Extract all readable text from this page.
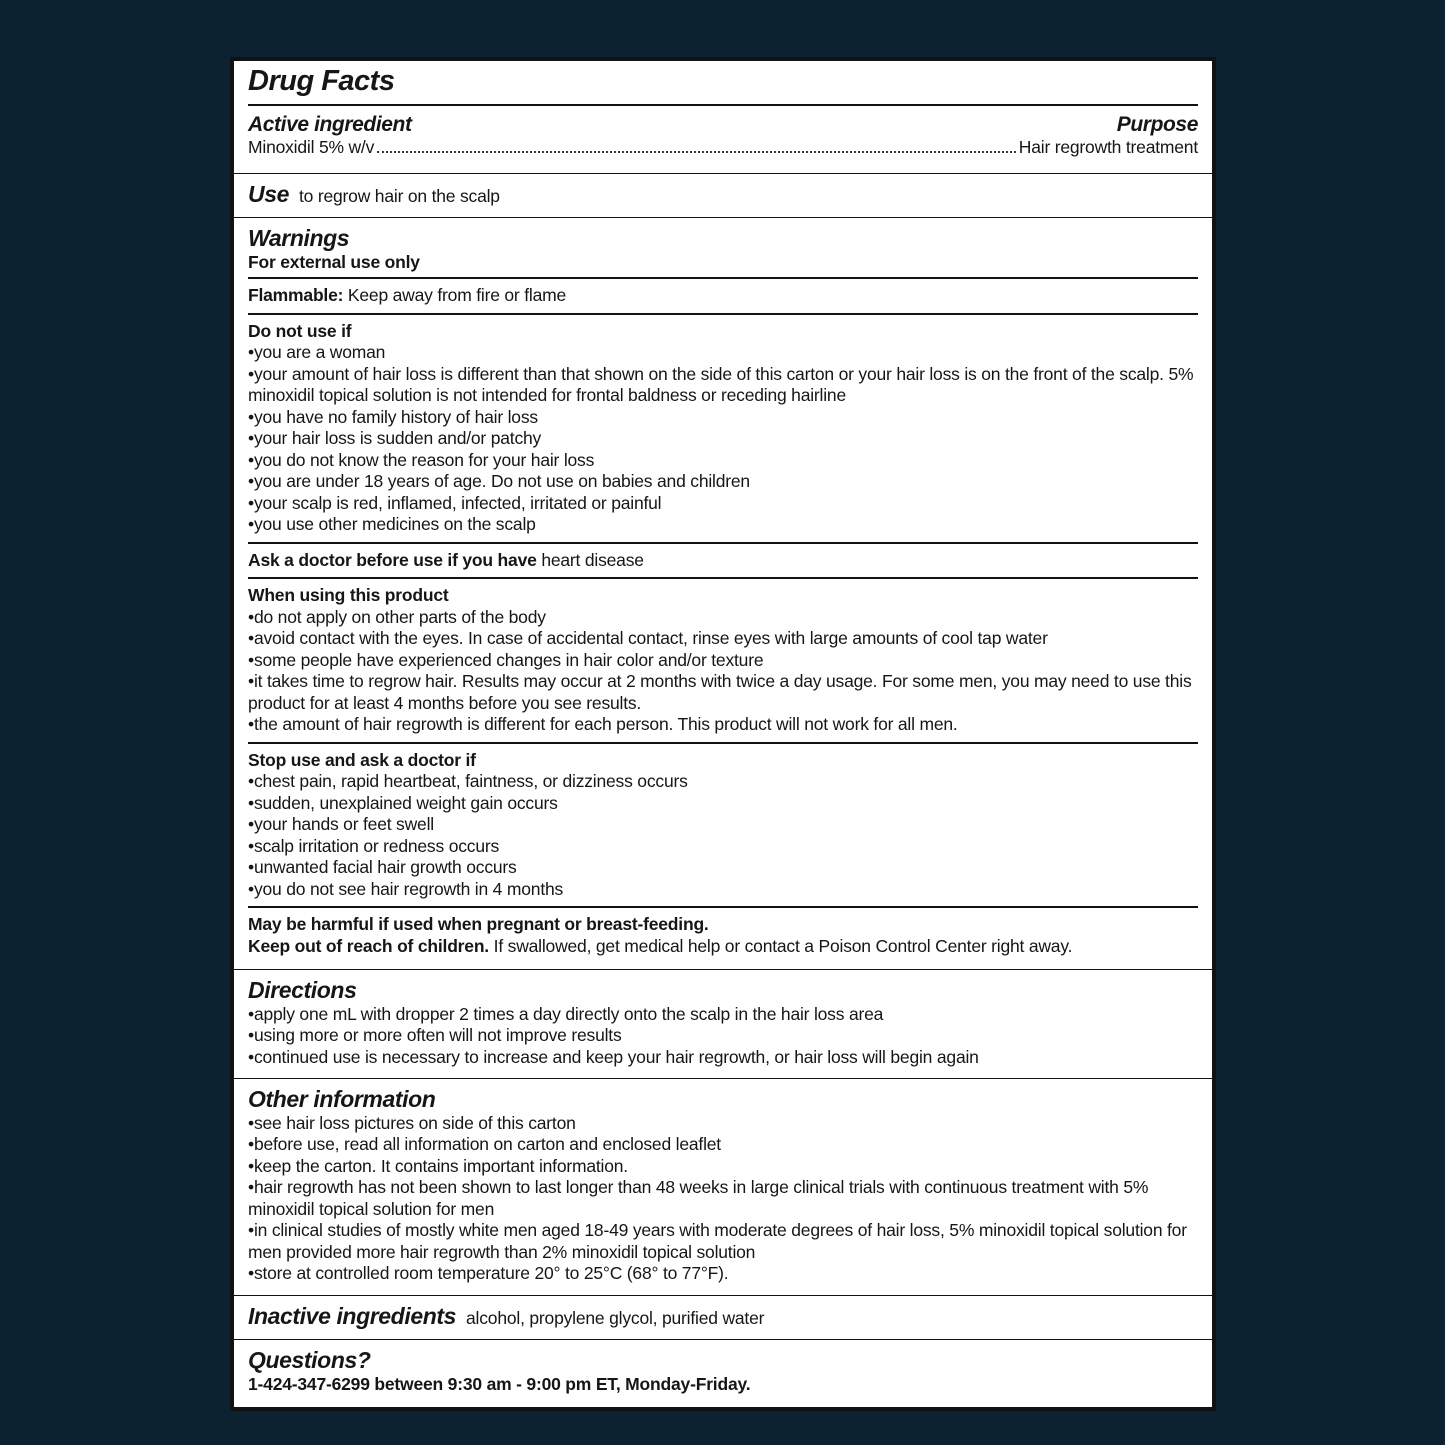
Drug Facts
Active ingredient	Purpose
Minoxidil 5% w/v	Hair regrowth treatment
Use to regrow hair on the scalp
Warnings
For external use only
Flammable: Keep away from fire or flame
Do not use if
• you are a woman
• your amount of hair loss is different than that shown on the side of this carton or your hair loss is on the front of the scalp. 5% minoxidil topical solution is not intended for frontal baldness or receding hairline
• you have no family history of hair loss
• your hair loss is sudden and/or patchy
• you do not know the reason for your hair loss
• you are under 18 years of age. Do not use on babies and children
• your scalp is red, inflamed, infected, irritated or painful
• you use other medicines on the scalp
Ask a doctor before use if you have heart disease
When using this product
• do not apply on other parts of the body
• avoid contact with the eyes. In case of accidental contact, rinse eyes with large amounts of cool tap water
• some people have experienced changes in hair color and/or texture
• it takes time to regrow hair. Results may occur at 2 months with twice a day usage. For some men, you may need to use this product for at least 4 months before you see results.
• the amount of hair regrowth is different for each person. This product will not work for all men.
Stop use and ask a doctor if
• chest pain, rapid heartbeat, faintness, or dizziness occurs
• sudden, unexplained weight gain occurs
• your hands or feet swell
• scalp irritation or redness occurs
• unwanted facial hair growth occurs
• you do not see hair regrowth in 4 months
May be harmful if used when pregnant or breast-feeding.
Keep out of reach of children. If swallowed, get medical help or contact a Poison Control Center right away.
Directions
• apply one mL with dropper 2 times a day directly onto the scalp in the hair loss area
• using more or more often will not improve results
• continued use is necessary to increase and keep your hair regrowth, or hair loss will begin again
Other information
• see hair loss pictures on side of this carton
• before use, read all information on carton and enclosed leaflet
• keep the carton. It contains important information.
• hair regrowth has not been shown to last longer than 48 weeks in large clinical trials with continuous treatment with 5% minoxidil topical solution for men
• in clinical studies of mostly white men aged 18-49 years with moderate degrees of hair loss, 5% minoxidil topical solution for men provided more hair regrowth than 2% minoxidil topical solution
• store at controlled room temperature 20° to 25°C (68° to 77°F).
Inactive ingredients alcohol, propylene glycol, purified water
Questions?
1-424-347-6299 between 9:30 am - 9:00 pm ET, Monday-Friday.
